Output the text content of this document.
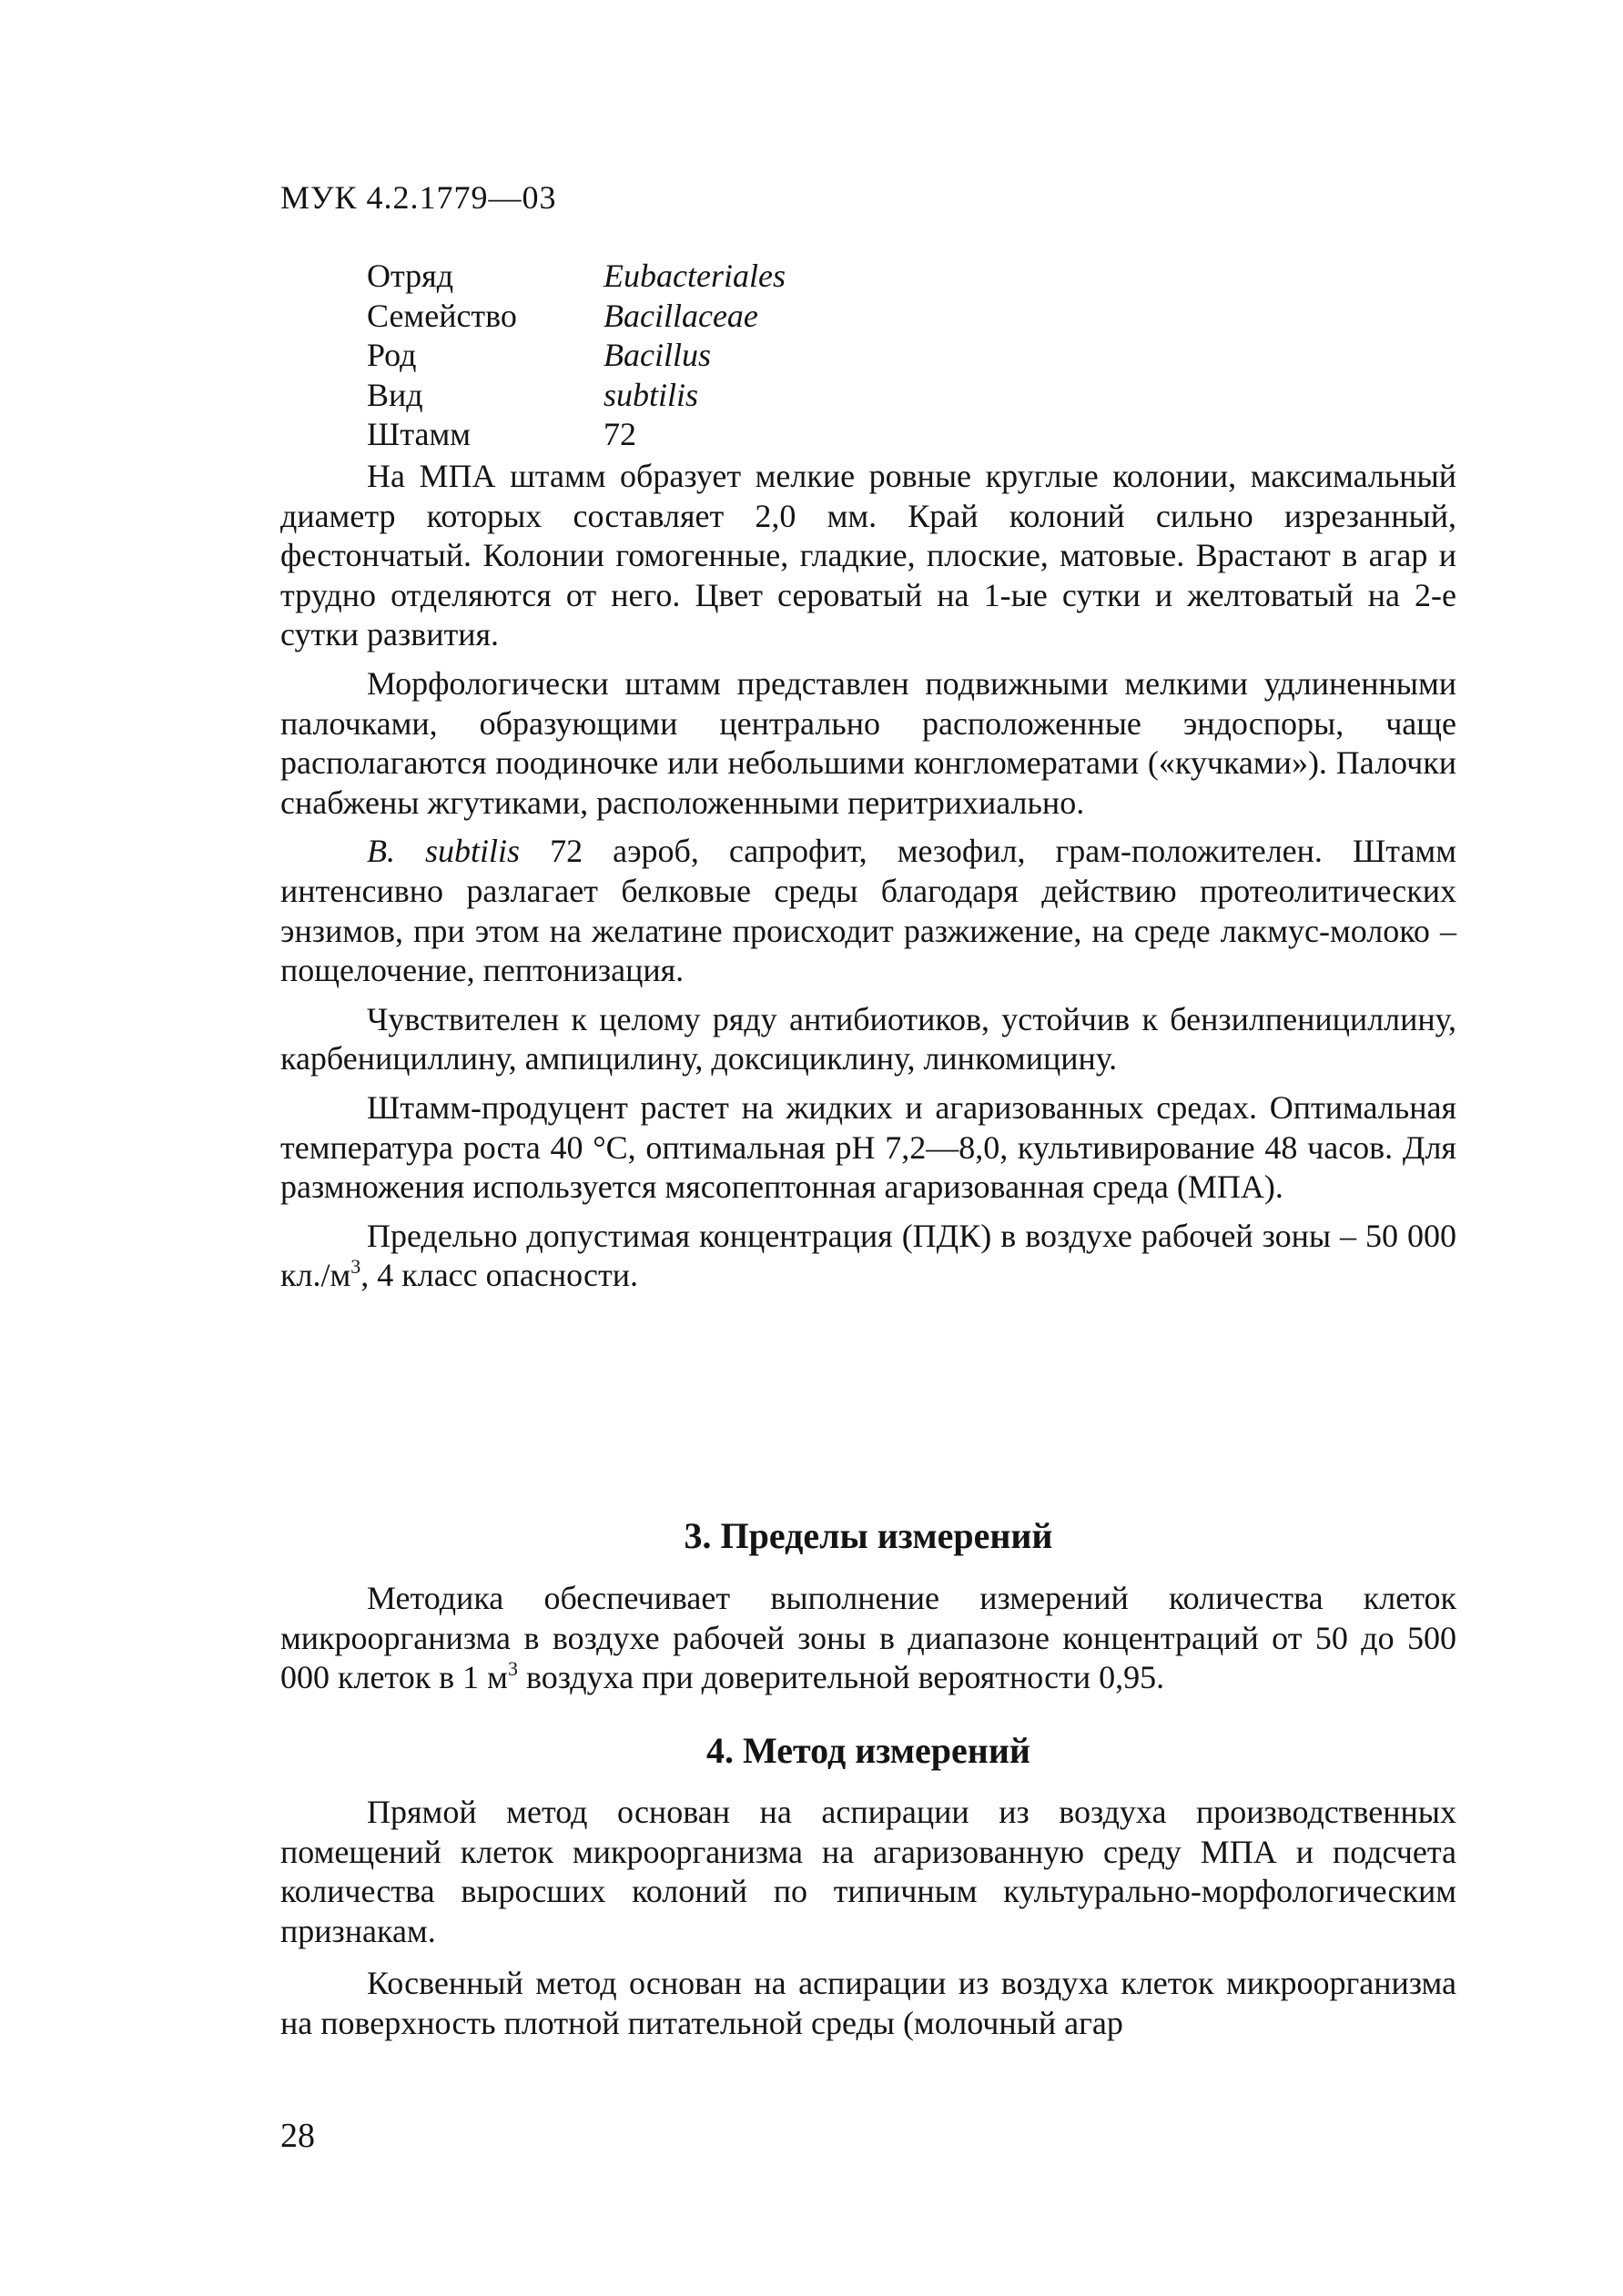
МУК 4.2.1779—03
Отряд	Eubacteriales
Семейство	Bacillaceae
Род	Bacillus
Вид	subtilis
Штамм	72

На МПА штамм образует мелкие ровные круглые колонии, максимальный диаметр которых составляет 2,0 мм. Край колоний сильно изрезанный, фестончатый. Колонии гомогенные, гладкие, плоские, матовые. Врастают в агар и трудно отделяются от него. Цвет сероватый на 1-ые сутки и желтоватый на 2-е сутки развития.

Морфологически штамм представлен подвижными мелкими удлиненными палочками, образующими центрально расположенные эндоспоры, чаще располагаются поодиночке или небольшими конгломератами («кучками»). Палочки снабжены жгутиками, расположенными перитрихиально.

B. subtilis 72 аэроб, сапрофит, мезофил, грам-положителен. Штамм интенсивно разлагает белковые среды благодаря действию протеолитических энзимов, при этом на желатине происходит разжижение, на среде лакмус-молоко – пощелочение, пептонизация.

Чувствителен к целому ряду антибиотиков, устойчив к бензилпенициллину, карбенициллину, ампицилину, доксициклину, линкомицину.

Штамм-продуцент растет на жидких и агаризованных средах. Оптимальная температура роста 40 °С, оптимальная рН 7,2—8,0, культивирование 48 часов. Для размножения используется мясопептонная агаризованная среда (МПА).

Предельно допустимая концентрация (ПДК) в воздухе рабочей зоны – 50 000 $кл./м^3$, 4 класс опасности.

3. Пределы измерений

Методика обеспечивает выполнение измерений количества клеток микроорганизма в воздухе рабочей зоны в диапазоне концентраций от 50 до 500 000 клеток в 1 $м^3$ воздуха при доверительной вероятности 0,95.

4. Метод измерений

Прямой метод основан на аспирации из воздуха производственных помещений клеток микроорганизма на агаризованную среду МПА и подсчета количества выросших колоний по типичным культурально-морфологическим признакам.

Косвенный метод основан на аспирации из воздуха клеток микроорганизма на поверхность плотной питательной среды (молочный агар

28
